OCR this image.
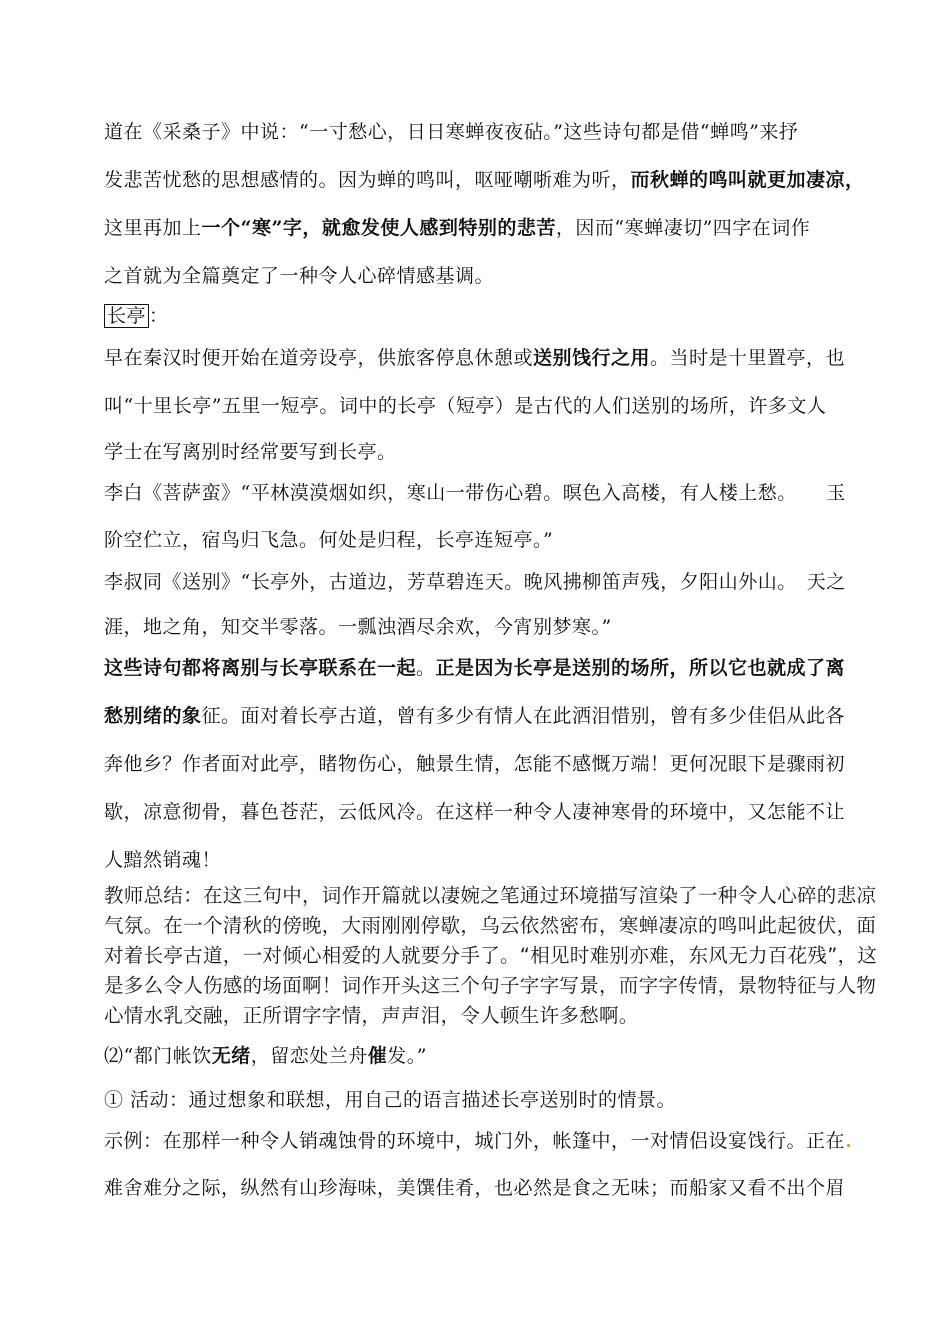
道在《采桑子》中说：“一寸愁心，日日寒蝉夜夜砧。”这些诗句都是借“蝉鸣”来抒
发悲苦忧愁的思想感情的。因为蝉的鸣叫，呕哑嘲哳难为听，而秋蝉的鸣叫就更加凄凉，
这里再加上一个“寒”字，就愈发使人感到特别的悲苦，因而“寒蝉凄切”四字在词作
之首就为全篇奠定了一种令人心碎情感基调。
长亭 ：
早在秦汉时便开始在道旁设亭，供旅客停息休憩或送别饯行之用。当时是十里置亭，也
叫“十里长亭”五里一短亭。词中的长亭（短亭）是古代的人们送别的场所，许多文人
学士在写离别时经常要写到长亭。
李白《菩萨蛮》“平林漠漠烟如织，寒山一带伤心碧。暝色入高楼，有人楼上愁。　　玉
阶空伫立，宿鸟归飞急。何处是归程，长亭连短亭。”
李叔同《送别》“长亭外，古道边，芳草碧连天。晚风拂柳笛声残，夕阳山外山。　天之
涯，地之角，知交半零落。一瓢浊酒尽余欢，今宵别梦寒。”
这些诗句都将离别与长亭联系在一起。正是因为长亭是送别的场所，所以它也就成了离
愁别绪的象征。面对着长亭古道，曾有多少有情人在此洒泪惜别，曾有多少佳侣从此各
奔他乡？作者面对此亭，睹物伤心，触景生情，怎能不感慨万端！更何况眼下是骤雨初
歇，凉意彻骨，暮色苍茫，云低风冷。在这样一种令人凄神寒骨的环境中，又怎能不让
人黯然销魂！
教师总结：在这三句中，词作开篇就以凄婉之笔通过环境描写渲染了一种令人心碎的悲凉
气氛。在一个清秋的傍晚，大雨刚刚停歇，乌云依然密布，寒蝉凄凉的鸣叫此起彼伏，面
对着长亭古道，一对倾心相爱的人就要分手了。“相见时难别亦难，东风无力百花残”，这
是多么令人伤感的场面啊！词作开头这三个句子字字写景，而字字传情，景物特征与人物
心情水乳交融，正所谓字字情，声声泪，令人顿生许多愁啊。
⑵“都门帐饮无绪，留恋处兰舟催发。”
① 活动：通过想象和联想，用自己的语言描述长亭送别时的情景。
示例：在那样一种令人销魂蚀骨的环境中，城门外，帐篷中，一对情侣设宴饯行。正在
难舍难分之际，纵然有山珍海味，美馔佳肴，也必然是食之无味；而船家又看不出个眉
